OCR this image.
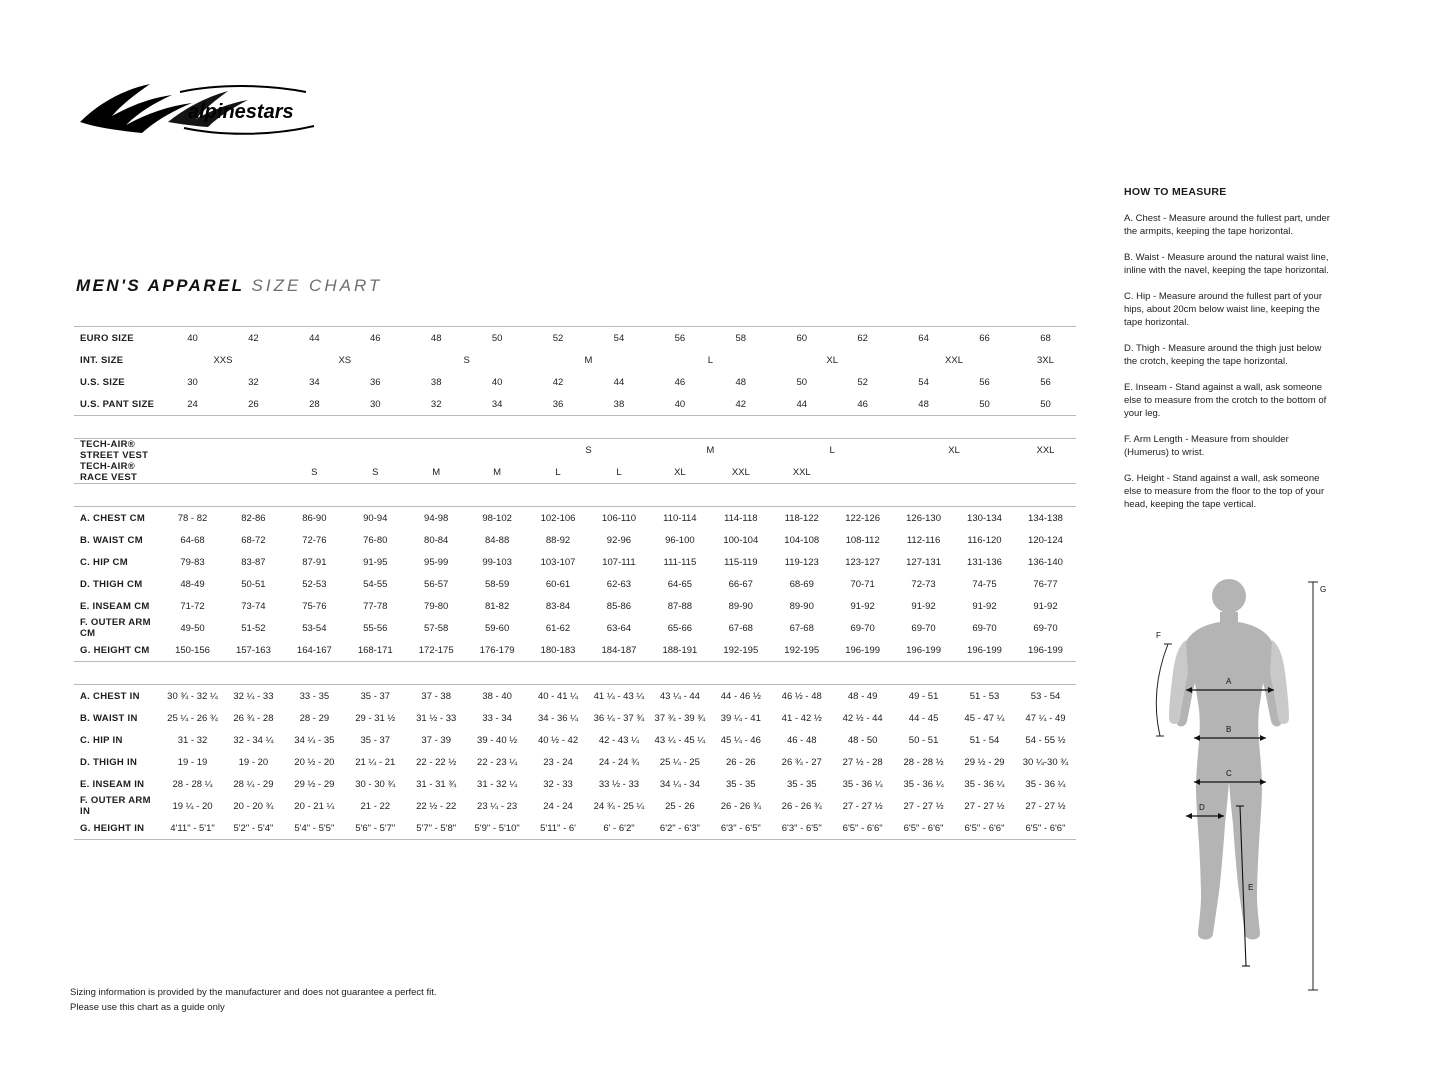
alpinestars
MEN'S APPAREL SIZE CHART
EURO SIZE	40	42	44	46	48	50	52	54	56	58	60	62	64	66	68
INT. SIZE	XXS		XS		S		M		L		XL		XXL		3XL
U.S. SIZE	30	32	34	36	38	40	42	44	46	48	50	52	54	56	56
U.S. PANT SIZE	24	26	28	30	32	34	36	38	40	42	44	46	48	50	50

TECH-AIR® STREET VEST							S		M		L		XL		XXL
TECH-AIR® RACE VEST			S	S	M	M	L	L	XL	XXL	XXL				

A. CHEST CM	78 - 82	82-86	86-90	90-94	94-98	98-102	102-106	106-110	110-114	114-118	118-122	122-126	126-130	130-134	134-138
B. WAIST CM	64-68	68-72	72-76	76-80	80-84	84-88	88-92	92-96	96-100	100-104	104-108	108-112	112-116	116-120	120-124
C. HIP CM	79-83	83-87	87-91	91-95	95-99	99-103	103-107	107-111	111-115	115-119	119-123	123-127	127-131	131-136	136-140
D. THIGH CM	48-49	50-51	52-53	54-55	56-57	58-59	60-61	62-63	64-65	66-67	68-69	70-71	72-73	74-75	76-77
E. INSEAM CM	71-72	73-74	75-76	77-78	79-80	81-82	83-84	85-86	87-88	89-90	89-90	91-92	91-92	91-92	91-92
F. OUTER ARM CM	49-50	51-52	53-54	55-56	57-58	59-60	61-62	63-64	65-66	67-68	67-68	69-70	69-70	69-70	69-70
G. HEIGHT CM	150-156	157-163	164-167	168-171	172-175	176-179	180-183	184-187	188-191	192-195	192-195	196-199	196-199	196-199	196-199

A. CHEST IN	30 ¾ - 32 ¼	32 ¼ - 33	33 - 35	35 - 37	37 - 38	38 - 40	40 - 41 ¼	41 ¼ - 43 ¼	43 ¼ - 44	44 - 46 ½	46 ½ - 48	48 - 49	49 - 51	51 - 53	53 - 54
B. WAIST IN	25 ¼ - 26 ¾	26 ¾ - 28	28 - 29	29 - 31 ½	31 ½ - 33	33 - 34	34 - 36 ¼	36 ¼ - 37 ¾	37 ¾ - 39 ¾	39 ¼ - 41	41 - 42 ½	42 ½ - 44	44 - 45	45 - 47 ¼	47 ¼ - 49
C. HIP IN	31 - 32	32 - 34 ¼	34 ¼ - 35	35 - 37	37 - 39	39 - 40 ½	40 ½ - 42	42 - 43 ¼	43 ¼ - 45 ¼	45 ¼ - 46	46 - 48	48 - 50	50 - 51	51 - 54	54 - 55 ½
D. THIGH IN	19 - 19	19 - 20	20 ½ - 20	21 ¼ - 21	22 - 22 ½	22 - 23 ¼	23 - 24	24 - 24 ¾	25 ¼ - 25	26 - 26	26 ¾ - 27	27 ½ - 28	28 - 28 ½	29 ½ - 29	30 ¼-30 ¾
E. INSEAM IN	28 - 28 ¼	28 ¼ - 29	29 ½ - 29	30 - 30 ¾	31 - 31 ¾	31 - 32 ¼	32 - 33	33 ½ - 33	34 ¼ - 34	35 - 35	35 - 35	35 - 36 ¼	35 - 36 ¼	35 - 36 ¼	35 - 36 ¼
F. OUTER ARM IN	19 ¼ - 20	20 - 20 ¾	20 - 21 ¼	21 - 22	22 ½ - 22	23 ¼ - 23	24 - 24	24 ¾ - 25 ¼	25 - 26	26 - 26 ¾	26 - 26 ¾	27 - 27 ½	27 - 27 ½	27 - 27 ½	27 - 27 ½
G. HEIGHT IN	4'11" - 5'1"	5'2" - 5'4"	5'4" - 5'5"	5'6" - 5'7"	5'7" - 5'8"	5'9" - 5'10"	5'11" - 6'	6' - 6'2"	6'2" - 6'3"	6'3" - 6'5"	6'3" - 6'5"	6'5" - 6'6"	6'5" - 6'6"	6'5" - 6'6"	6'5" - 6'6"
HOW TO MEASURE

A. Chest - Measure around the fullest part, under the armpits, keeping the tape horizontal.

B. Waist - Measure around the natural waist line, inline with the navel, keeping the tape horizontal.

C. Hip - Measure around the fullest part of your hips, about 20cm below waist line, keeping the tape horizontal.

D. Thigh - Measure around the thigh just below the crotch, keeping the tape horizontal.

E. Inseam - Stand against a wall, ask someone else to measure from the crotch to the bottom of your leg.

F. Arm Length - Measure from shoulder (Humerus) to wrist.

G. Height - Stand against a wall, ask someone else to measure from the floor to the top of your head, keeping the tape vertical.

G
F
A
B
C
D
E
Sizing information is provided by the manufacturer and does not guarantee a perfect fit.
Please use this chart as a guide only
